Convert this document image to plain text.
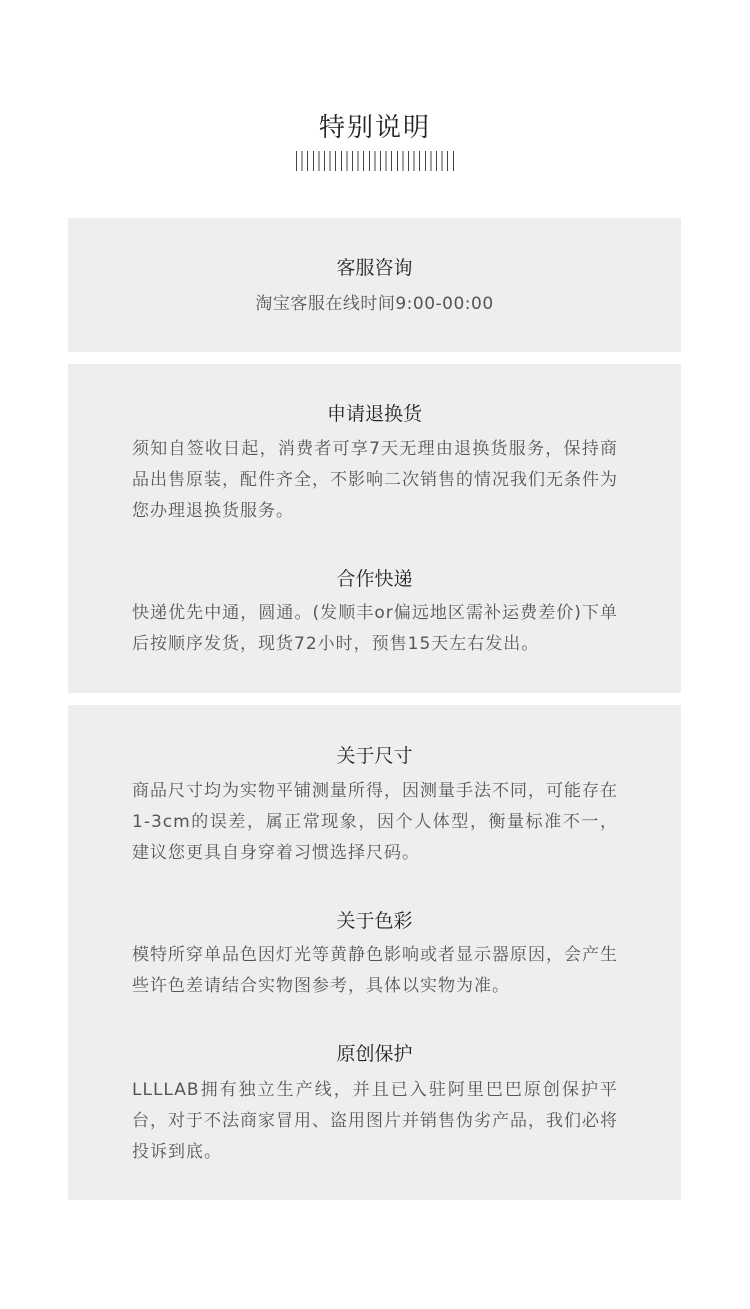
特别说明
客服咨询
淘宝客服在线时间9:00-00:00
申请退换货
须知自签收日起，消费者可享7天无理由退换货服务，保持商品出售原装，配件齐全，不影响二次销售的情况我们无条件为您办理退换货服务。
合作快递
快递优先中通，圆通。(发顺丰or偏远地区需补运费差价)下单后按顺序发货，现货72小时，预售15天左右发出。
关于尺寸
商品尺寸均为实物平铺测量所得，因测量手法不同，可能存在1-3cm的误差，属正常现象，因个人体型，衡量标准不一，建议您更具自身穿着习惯选择尺码。
关于色彩
模特所穿单品色因灯光等黄静色影响或者显示器原因，会产生些许色差请结合实物图参考，具体以实物为准。
原创保护
LLLLAB拥有独立生产线，并且已入驻阿里巴巴原创保护平台，对于不法商家冒用、盗用图片并销售伪劣产品，我们必将投诉到底。
